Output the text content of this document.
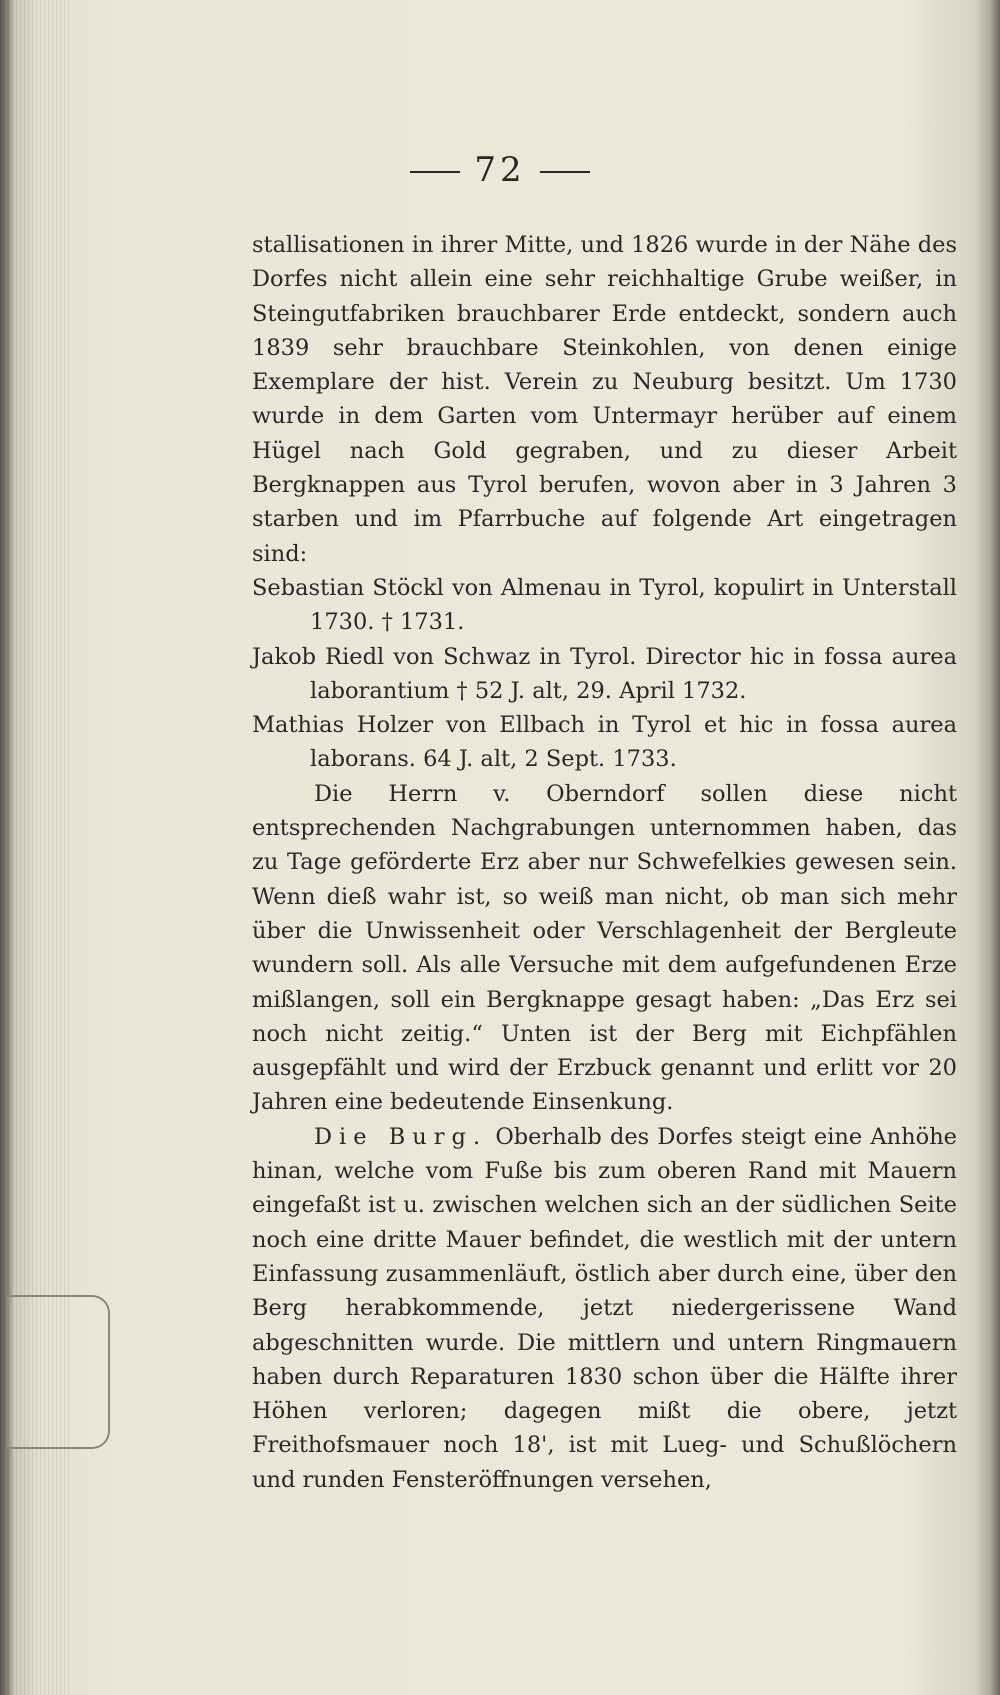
72

stallisationen in ihrer Mitte, und 1826 wurde in der Nähe des Dorfes nicht allein eine sehr reichhaltige Grube weißer, in Steingutfabriken brauchbarer Erde entdeckt, sondern auch 1839 sehr brauchbare Steinkohlen, von denen einige Exemplare der hist. Verein zu Neuburg besitzt. Um 1730 wurde in dem Garten vom Untermayr herüber auf einem Hügel nach Gold gegraben, und zu dieser Arbeit Bergknappen aus Tyrol berufen, wovon aber in 3 Jahren 3 starben und im Pfarrbuche auf folgende Art eingetragen sind:

Sebastian Stöckl von Almenau in Tyrol, kopulirt in Unterstall 1730. † 1731.

Jakob Riedl von Schwaz in Tyrol. Director hic in fossa aurea laborantium † 52 J. alt, 29. April 1732.

Mathias Holzer von Ellbach in Tyrol et hic in fossa aurea laborans. 64 J. alt, 2 Sept. 1733.

Die Herrn v. Oberndorf sollen diese nicht entsprechenden Nachgrabungen unternommen haben, das zu Tage geförderte Erz aber nur Schwefelkies gewesen sein. Wenn dieß wahr ist, so weiß man nicht, ob man sich mehr über die Unwissenheit oder Verschlagenheit der Bergleute wundern soll. Als alle Versuche mit dem aufgefundenen Erze mißlangen, soll ein Bergknappe gesagt haben: „Das Erz sei noch nicht zeitig.“ Unten ist der Berg mit Eichpfählen ausgepfählt und wird der Erzbuck genannt und erlitt vor 20 Jahren eine bedeutende Einsenkung.

Die Burg. Oberhalb des Dorfes steigt eine Anhöhe hinan, welche vom Fuße bis zum oberen Rand mit Mauern eingefaßt ist u. zwischen welchen sich an der südlichen Seite noch eine dritte Mauer befindet, die westlich mit der untern Einfassung zusammenläuft, östlich aber durch eine, über den Berg herabkommende, jetzt niedergerissene Wand abgeschnitten wurde. Die mittlern und untern Ringmauern haben durch Reparaturen 1830 schon über die Hälfte ihrer Höhen verloren; dagegen mißt die obere, jetzt Freithofsmauer noch 18', ist mit Lueg- und Schußlöchern und runden Fensteröffnungen versehen,
